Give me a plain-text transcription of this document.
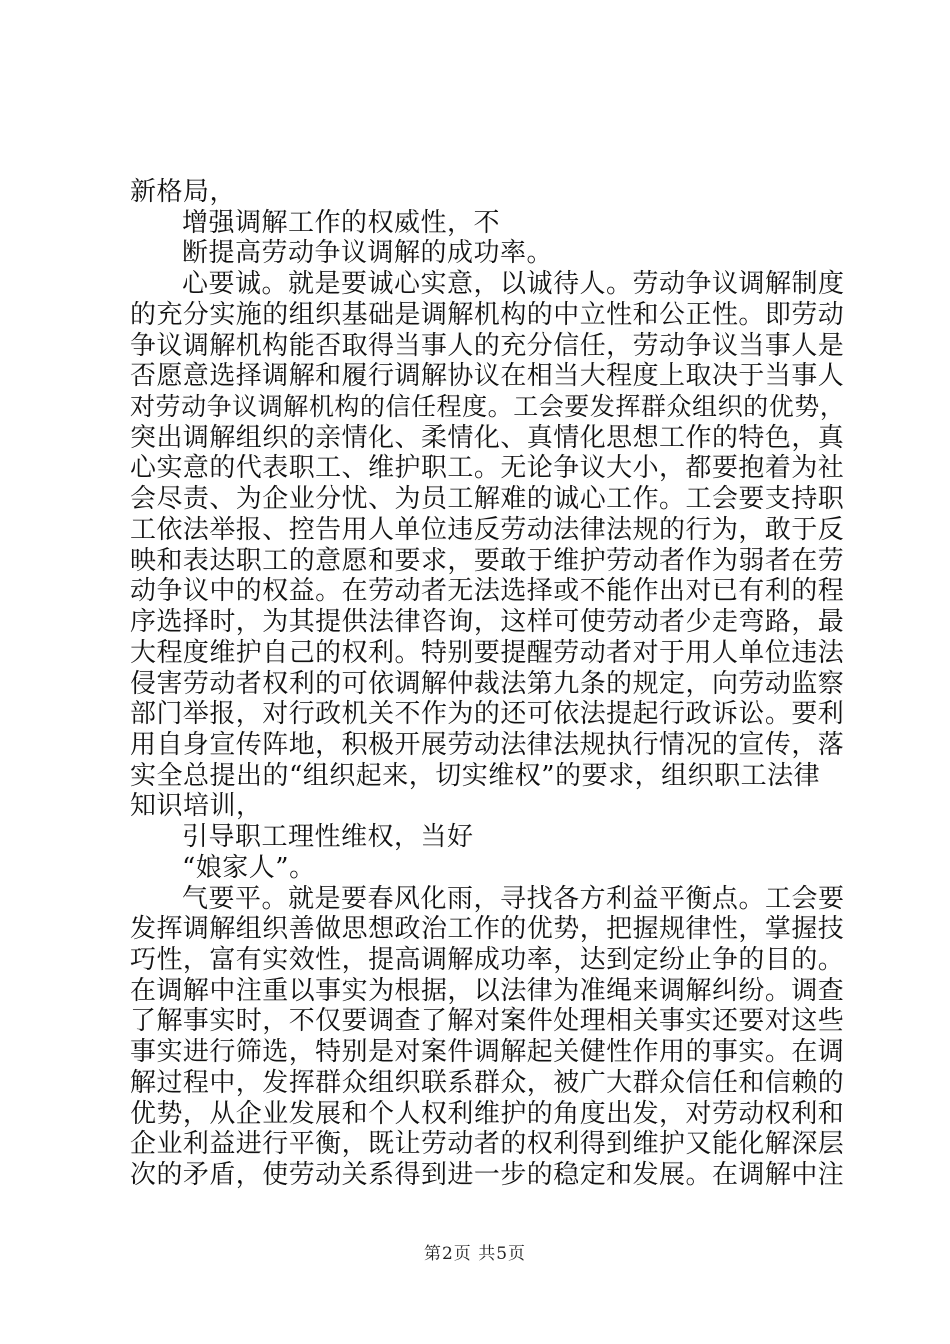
新格局，
增强调解工作的权威性，不
断提高劳动争议调解的成功率。
心要诚。就是要诚心实意，以诚待人。劳动争议调解制度
的充分实施的组织基础是调解机构的中立性和公正性。即劳动
争议调解机构能否取得当事人的充分信任，劳动争议当事人是
否愿意选择调解和履行调解协议在相当大程度上取决于当事人
对劳动争议调解机构的信任程度。工会要发挥群众组织的优势，
突出调解组织的亲情化、柔情化、真情化思想工作的特色，真
心实意的代表职工、维护职工。无论争议大小，都要抱着为社
会尽责、为企业分忧、为员工解难的诚心工作。工会要支持职
工依法举报、控告用人单位违反劳动法律法规的行为，敢于反
映和表达职工的意愿和要求，要敢于维护劳动者作为弱者在劳
动争议中的权益。在劳动者无法选择或不能作出对已有利的程
序选择时，为其提供法律咨询，这样可使劳动者少走弯路，最
大程度维护自己的权利。特别要提醒劳动者对于用人单位违法
侵害劳动者权利的可依调解仲裁法第九条的规定，向劳动监察
部门举报，对行政机关不作为的还可依法提起行政诉讼。要利
用自身宣传阵地，积极开展劳动法律法规执行情况的宣传，落
实全总提出的“组织起来，切实维权”的要求，组织职工法律
知识培训，
引导职工理性维权，当好
“娘家人”。
气要平。就是要春风化雨，寻找各方利益平衡点。工会要
发挥调解组织善做思想政治工作的优势，把握规律性，掌握技
巧性，富有实效性，提高调解成功率，达到定纷止争的目的。
在调解中注重以事实为根据，以法律为准绳来调解纠纷。调查
了解事实时，不仅要调查了解对案件处理相关事实还要对这些
事实进行筛选，特别是对案件调解起关健性作用的事实。在调
解过程中，发挥群众组织联系群众，被广大群众信任和信赖的
优势，从企业发展和个人权利维护的角度出发，对劳动权利和
企业利益进行平衡，既让劳动者的权利得到维护又能化解深层
次的矛盾，使劳动关系得到进一步的稳定和发展。在调解中注
第2页 共5页
